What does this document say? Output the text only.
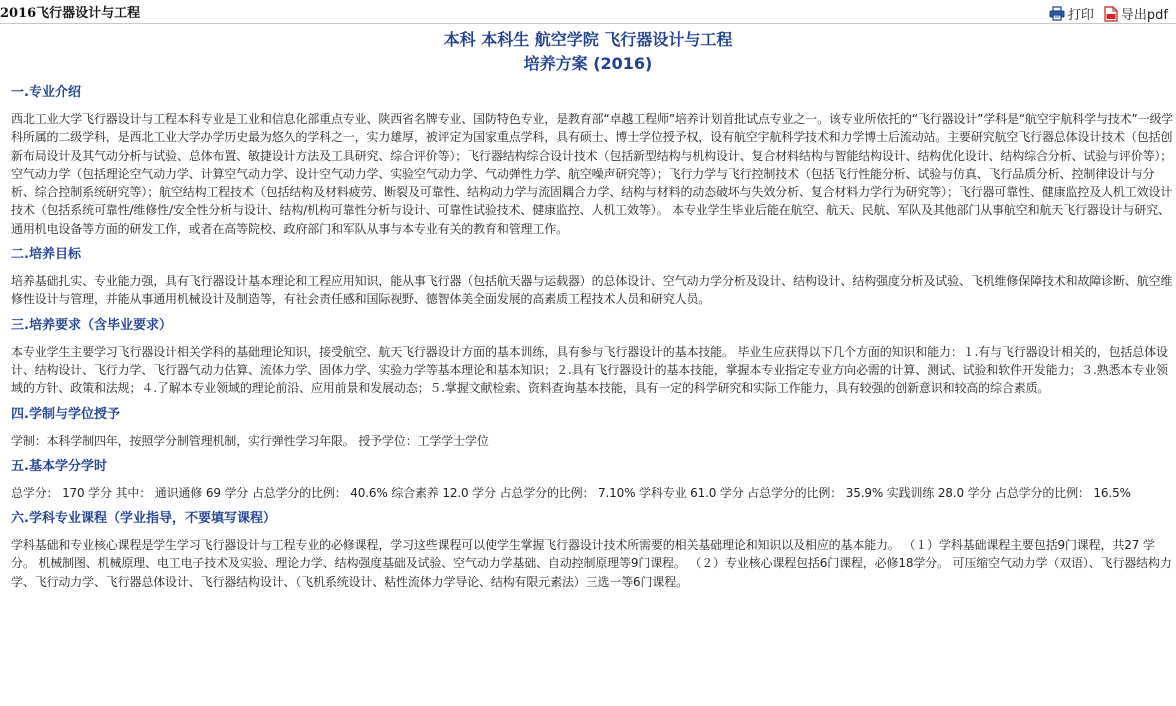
2016飞行器设计与工程	打印 导出pdf
本科 本科生 航空学院 飞行器设计与工程
培养方案 (2016)
一.专业介绍
西北工业大学飞行器设计与工程本科专业是工业和信息化部重点专业、陕西省名牌专业、国防特色专业，是教育部“卓越工程师”培养计划首批试点专业之一。该专业所依托的“飞行器设计”学科是“航空宇航科学与技术”一级学科所属的二级学科，是西北工业大学办学历史最为悠久的学科之一，实力雄厚，被评定为国家重点学科，具有硕士、博士学位授予权，设有航空宇航科学技术和力学博士后流动站。主要研究航空飞行器总体设计技术（包括创新布局设计及其气动分析与试验、总体布置、敏捷设计方法及工具研究、综合评价等）；飞行器结构综合设计技术（包括新型结构与机构设计、复合材料结构与智能结构设计、结构优化设计、结构综合分析、试验与评价等）；空气动力学（包括理论空气动力学、计算空气动力学、设计空气动力学、实验空气动力学、气动弹性力学、航空噪声研究等）；飞行力学与飞行控制技术（包括飞行性能分析、试验与仿真、飞行品质分析、控制律设计与分析、综合控制系统研究等）；航空结构工程技术（包括结构及材料疲劳、断裂及可靠性、结构动力学与流固耦合力学、结构与材料的动态破坏与失效分析、复合材料力学行为研究等）；飞行器可靠性、健康监控及人机工效设计技术（包括系统可靠性/维修性/安全性分析与设计、结构/机构可靠性分析与设计、可靠性试验技术、健康监控、人机工效等）。 本专业学生毕业后能在航空、航天、民航、军队及其他部门从事航空和航天飞行器设计与研究、通用机电设备等方面的研发工作，或者在高等院校、政府部门和军队从事与本专业有关的教育和管理工作。
二.培养目标
培养基础扎实、专业能力强，具有飞行器设计基本理论和工程应用知识，能从事飞行器（包括航天器与运载器）的总体设计、空气动力学分析及设计、结构设计、结构强度分析及试验、飞机维修保障技术和故障诊断、航空维修性设计与管理，并能从事通用机械设计及制造等，有社会责任感和国际视野、德智体美全面发展的高素质工程技术人员和研究人员。
三.培养要求（含毕业要求）
本专业学生主要学习飞行器设计相关学科的基础理论知识，接受航空、航天飞行器设计方面的基本训练，具有参与飞行器设计的基本技能。 毕业生应获得以下几个方面的知识和能力：１.有与飞行器设计相关的，包括总体设计、结构设计、飞行力学、飞行器气动力估算、流体力学、固体力学、实验力学等基本理论和基本知识；２.具有飞行器设计的基本技能，掌握本专业指定专业方向必需的计算、测试、试验和软件开发能力；３.熟悉本专业领域的方针、政策和法规；４.了解本专业领域的理论前沿、应用前景和发展动态；５.掌握文献检索、资料查询基本技能，具有一定的科学研究和实际工作能力，具有较强的创新意识和较高的综合素质。
四.学制与学位授予
学制：本科学制四年，按照学分制管理机制，实行弹性学习年限。 授予学位：工学学士学位
五.基本学分学时
总学分： 170 学分 其中： 通识通修 69 学分 占总学分的比例： 40.6% 综合素养 12.0 学分 占总学分的比例： 7.10% 学科专业 61.0 学分 占总学分的比例： 35.9% 实践训练 28.0 学分 占总学分的比例： 16.5%
六.学科专业课程（学业指导，不要填写课程）
学科基础和专业核心课程是学生学习飞行器设计与工程专业的必修课程，学习这些课程可以使学生掌握飞行器设计技术所需要的相关基础理论和知识以及相应的基本能力。 （１）学科基础课程主要包括9门课程，共27 学分。 机械制图、机械原理、电工电子技术及实验、理论力学、结构强度基础及试验、空气动力学基础、自动控制原理等9门课程。 （２）专业核心课程包括6门课程，必修18学分。 可压缩空气动力学（双语）、飞行器结构力学、飞行动力学、飞行器总体设计、飞行器结构设计、（飞机系统设计、粘性流体力学导论、结构有限元素法）三选一等6门课程。
